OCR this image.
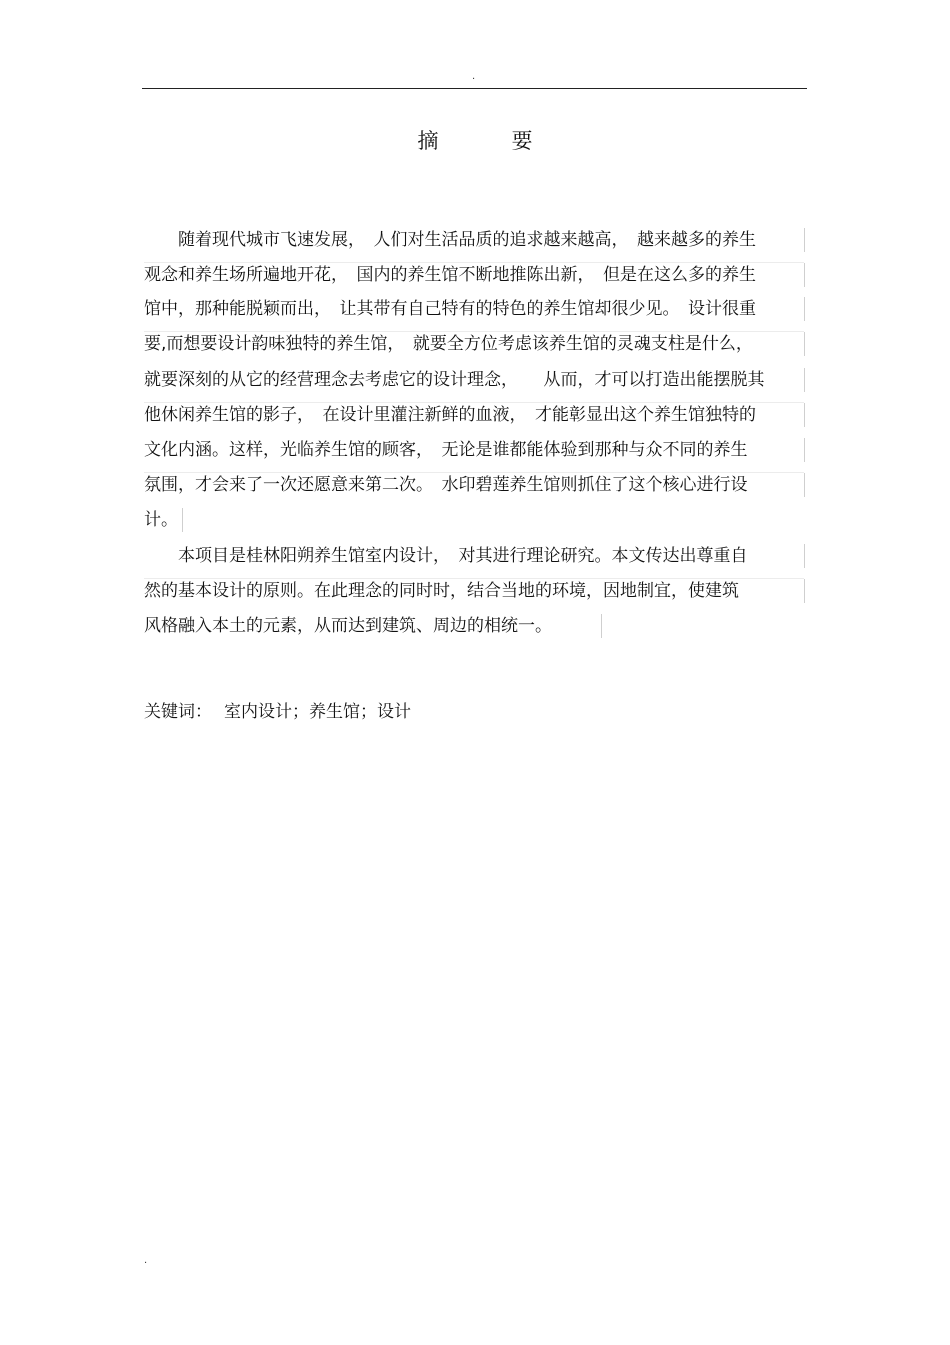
.
摘　要
　　随着现代城市飞速发展，　人们对生活品质的追求越来越高，　越来越多的养生
观念和养生场所遍地开花，　国内的养生馆不断地推陈出新，　但是在这么多的养生
馆中，那种能脱颖而出，　让其带有自己特有的特色的养生馆却很少见。　设计很重
要,而想要设计韵味独特的养生馆，　就要全方位考虑该养生馆的灵魂支柱是什么，
就要深刻的从它的经营理念去考虑它的设计理念，　　从而，才可以打造出能摆脱其
他休闲养生馆的影子，　在设计里灌注新鲜的血液，　才能彰显出这个养生馆独特的
文化内涵。这样，光临养生馆的顾客，　无论是谁都能体验到那种与众不同的养生
氛围，才会来了一次还愿意来第二次。　水印碧莲养生馆则抓住了这个核心进行设
计。
　　本项目是桂林阳朔养生馆室内设计，　对其进行理论研究。本文传达出尊重自
然的基本设计的原则。在此理念的同时时，结合当地的环境，因地制宜，使建筑
风格融入本土的元素，从而达到建筑、周边的相统一。
关键词： 室内设计；养生馆；设计
.
